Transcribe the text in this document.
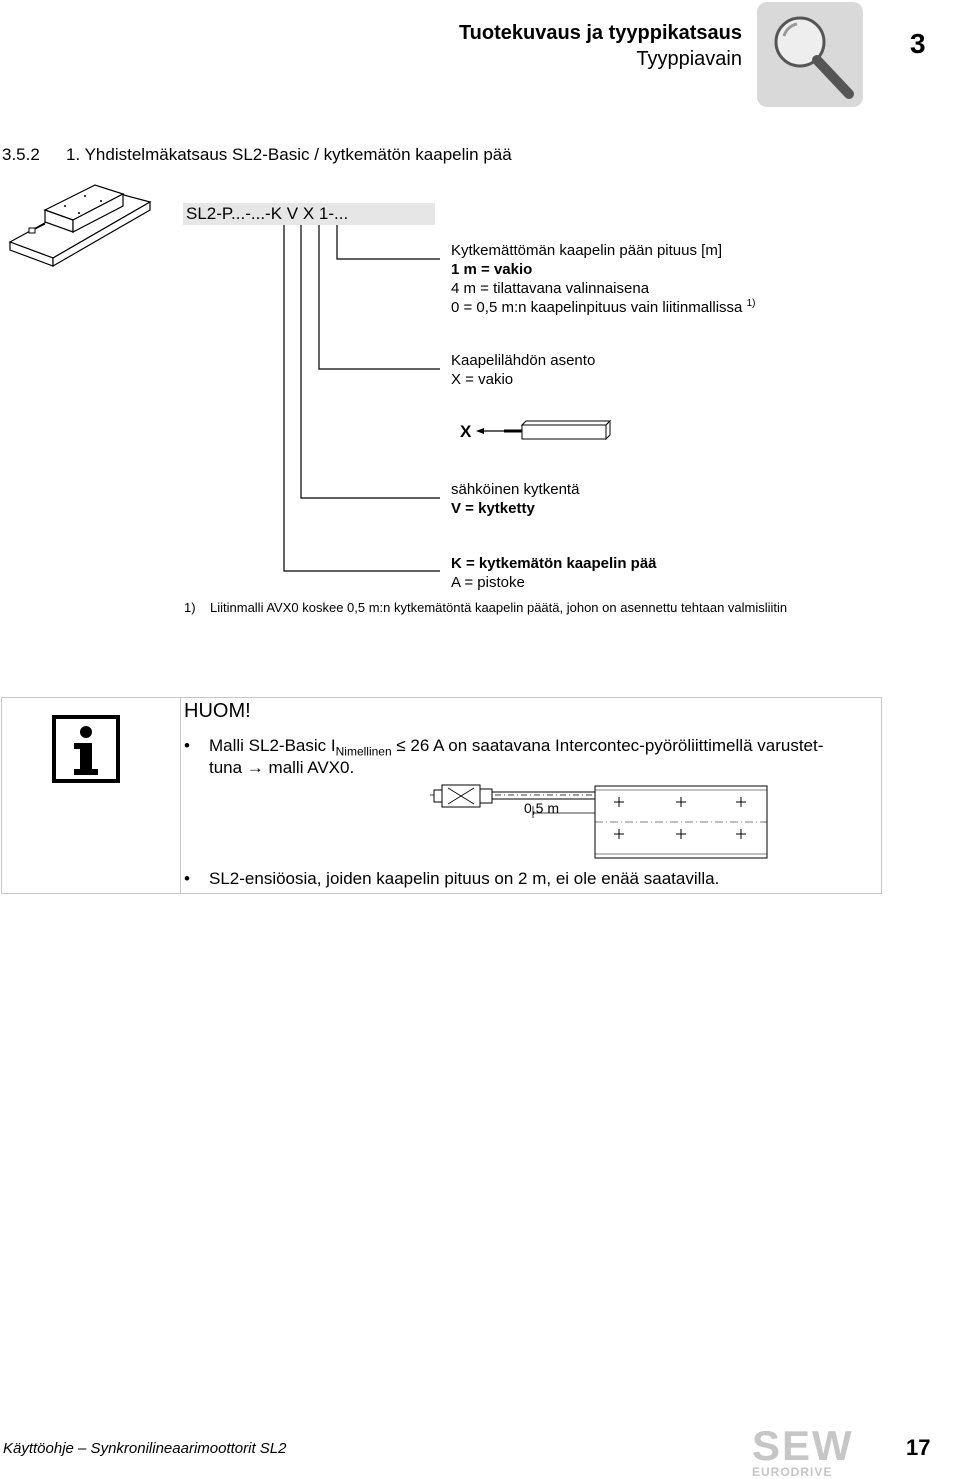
Tuotekuvaus ja tyyppikatsaus
Tyyppiavain	3
3.5.2 1. Yhdistelmäkatsaus SL2-Basic / kytkemätön kaapelin pää
SL2-P...-...-K V X 1-...
Kytkemättömän kaapelin pään pituus [m]
1 m = vakio
4 m = tilattavana valinnaisena
0 = 0,5 m:n kaapelinpituus vain liitinmallissa $^{1)}$
Kaapelilähdön asento
X = vakio
X
sähköinen kytkentä
V = kytketty
K = kytkemätön kaapelin pää
A = pistoke
1) Liitinmalli AVX0 koskee 0,5 m:n kytkemätöntä kaapelin päätä, johon on asennettu tehtaan valmisliitin
HUOM!
• Malli SL2-Basic $I_{Nimellinen} \le 26$ A on saatavana Intercontec-pyöröliittimellä varustet-
tuna → malli AVX0.
0,5 m
• SL2-ensiöosia, joiden kaapelin pituus on 2 m, ei ole enää saatavilla.
Käyttöohje – Synkronilineaarimoottorit SL2	SEW
EURODRIVE
17
